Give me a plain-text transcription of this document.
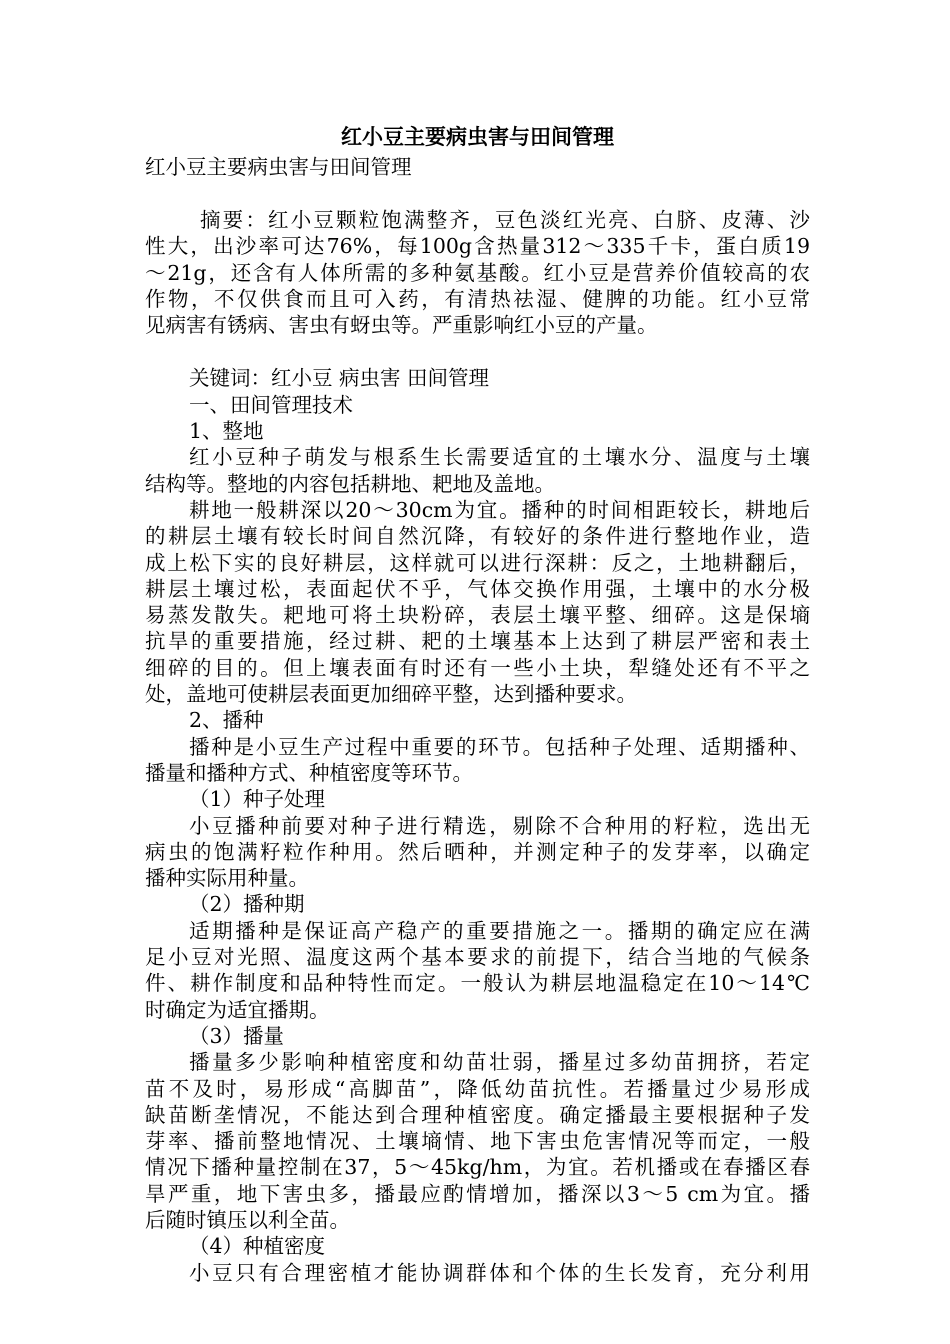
红小豆主要病虫害与田间管理

红小豆主要病虫害与田间管理

摘要：红小豆颗粒饱满整齐，豆色淡红光亮、白脐、皮薄、沙

性大，出沙率可达76%，每100g含热量312～335千卡，蛋白质19

～21g，还含有人体所需的多种氨基酸。红小豆是营养价值较高的农

作物，不仅供食而且可入药，有清热祛湿、健脾的功能。红小豆常

见病害有锈病、害虫有蚜虫等。严重影响红小豆的产量。

关键词：红小豆 病虫害 田间管理

一、田间管理技术

1、整地

红小豆种子萌发与根系生长需要适宜的土壤水分、温度与土壤

结构等。整地的内容包括耕地、耙地及盖地。

耕地一般耕深以20～30cm为宜。播种的时间相距较长，耕地后

的耕层土壤有较长时间自然沉降，有较好的条件进行整地作业，造

成上松下实的良好耕层，这样就可以进行深耕：反之，土地耕翻后，

耕层土壤过松，表面起伏不乎，气体交换作用强，土壤中的水分极

易蒸发散失。耙地可将土块粉碎，表层土壤平整、细碎。这是保墒

抗旱的重要措施，经过耕、耙的土壤基本上达到了耕层严密和表土

细碎的目的。但上壤表面有时还有一些小土块，犁缝处还有不平之

处，盖地可使耕层表面更加细碎平整，达到播种要求。

2、播种

播种是小豆生产过程中重要的环节。包括种子处理、适期播种、

播量和播种方式、种植密度等环节。

（1）种子处理

小豆播种前要对种子进行精选，剔除不合种用的籽粒，选出无

病虫的饱满籽粒作种用。然后晒种，并测定种子的发芽率，以确定

播种实际用种量。

（2）播种期

适期播种是保证高产稳产的重要措施之一。播期的确定应在满

足小豆对光照、温度这两个基本要求的前提下，结合当地的气候条

件、耕作制度和品种特性而定。一般认为耕层地温稳定在10～14℃

时确定为适宜播期。

（3）播量

播量多少影响种植密度和幼苗壮弱，播星过多幼苗拥挤，若定

苗不及时，易形成“高脚苗”，降低幼苗抗性。若播量过少易形成

缺苗断垄情况，不能达到合理种植密度。确定播最主要根据种子发

芽率、播前整地情况、土壤墒情、地下害虫危害情况等而定，一般

情况下播种量控制在37，5～45kg/hm，为宜。若机播或在春播区春

旱严重，地下害虫多，播最应酌情增加，播深以3～5 cm为宜。播

后随时镇压以利全苗。

（4）种植密度

小豆只有合理密植才能协调群体和个体的生长发育，充分利用
